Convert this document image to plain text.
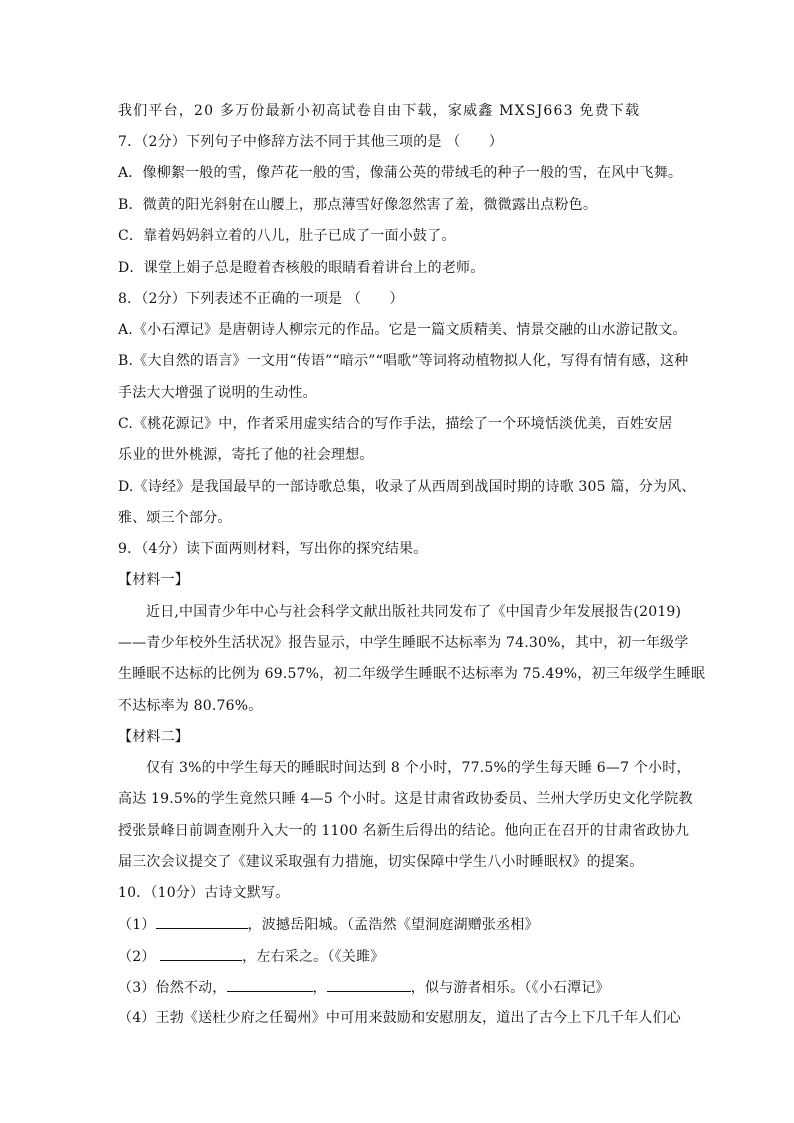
我们平台，20 多万份最新小初高试卷自由下载，家威鑫 MXSJ663 免费下载
7．（2分）下列句子中修辞方法不同于其他三项的是 （　　）
A．像柳絮一般的雪，像芦花一般的雪，像蒲公英的带绒毛的种子一般的雪，在风中飞舞。
B．微黄的阳光斜射在山腰上，那点薄雪好像忽然害了羞，微微露出点粉色。
C．靠着妈妈斜立着的八儿，肚子已成了一面小鼓了。
D．课堂上娟子总是瞪着杏核般的眼睛看着讲台上的老师。
8．（2分）下列表述不正确的一项是 （　　）
A.《小石潭记》是唐朝诗人柳宗元的作品。它是一篇文质精美、情景交融的山水游记散文。
B.《大自然的语言》一文用“传语”“暗示”“唱歌”等词将动植物拟人化，写得有情有感，这种
手法大大增强了说明的生动性。
C.《桃花源记》中，作者采用虚实结合的写作手法，描绘了一个环境恬淡优美，百姓安居
乐业的世外桃源，寄托了他的社会理想。
D.《诗经》是我国最早的一部诗歌总集，收录了从西周到战国时期的诗歌 305 篇，分为风、
雅、颂三个部分。
9．（4分）读下面两则材料，写出你的探究结果。
【材料一】
近日,中国青少年中心与社会科学文献出版社共同发布了《中国青少年发展报告(2019)
——青少年校外生活状况》报告显示，中学生睡眠不达标率为 74.30%，其中，初一年级学
生睡眠不达标的比例为 69.57%，初二年级学生睡眠不达标率为 75.49%，初三年级学生睡眠
不达标率为 80.76%。
【材料二】
仅有 3%的中学生每天的睡眠时间达到 8 个小时，77.5%的学生每天睡 6—7 个小时，
高达 19.5%的学生竟然只睡 4—5 个小时。这是甘肃省政协委员、兰州大学历史文化学院教
授张景峰日前调查刚升入大一的 1100 名新生后得出的结论。他向正在召开的甘肃省政协九
届三次会议提交了《建议采取强有力措施，切实保障中学生八小时睡眠权》的提案。
10．（10分）古诗文默写。
（1）	，波撼岳阳城。（孟浩然《望洞庭湖赠张丞相》
（2）	，左右采之。（《关雎》
（3）佁然不动，	，	，似与游者相乐。（《小石潭记》
（4）王勃《送杜少府之任蜀州》中可用来鼓励和安慰朋友，道出了古今上下几千年人们心
